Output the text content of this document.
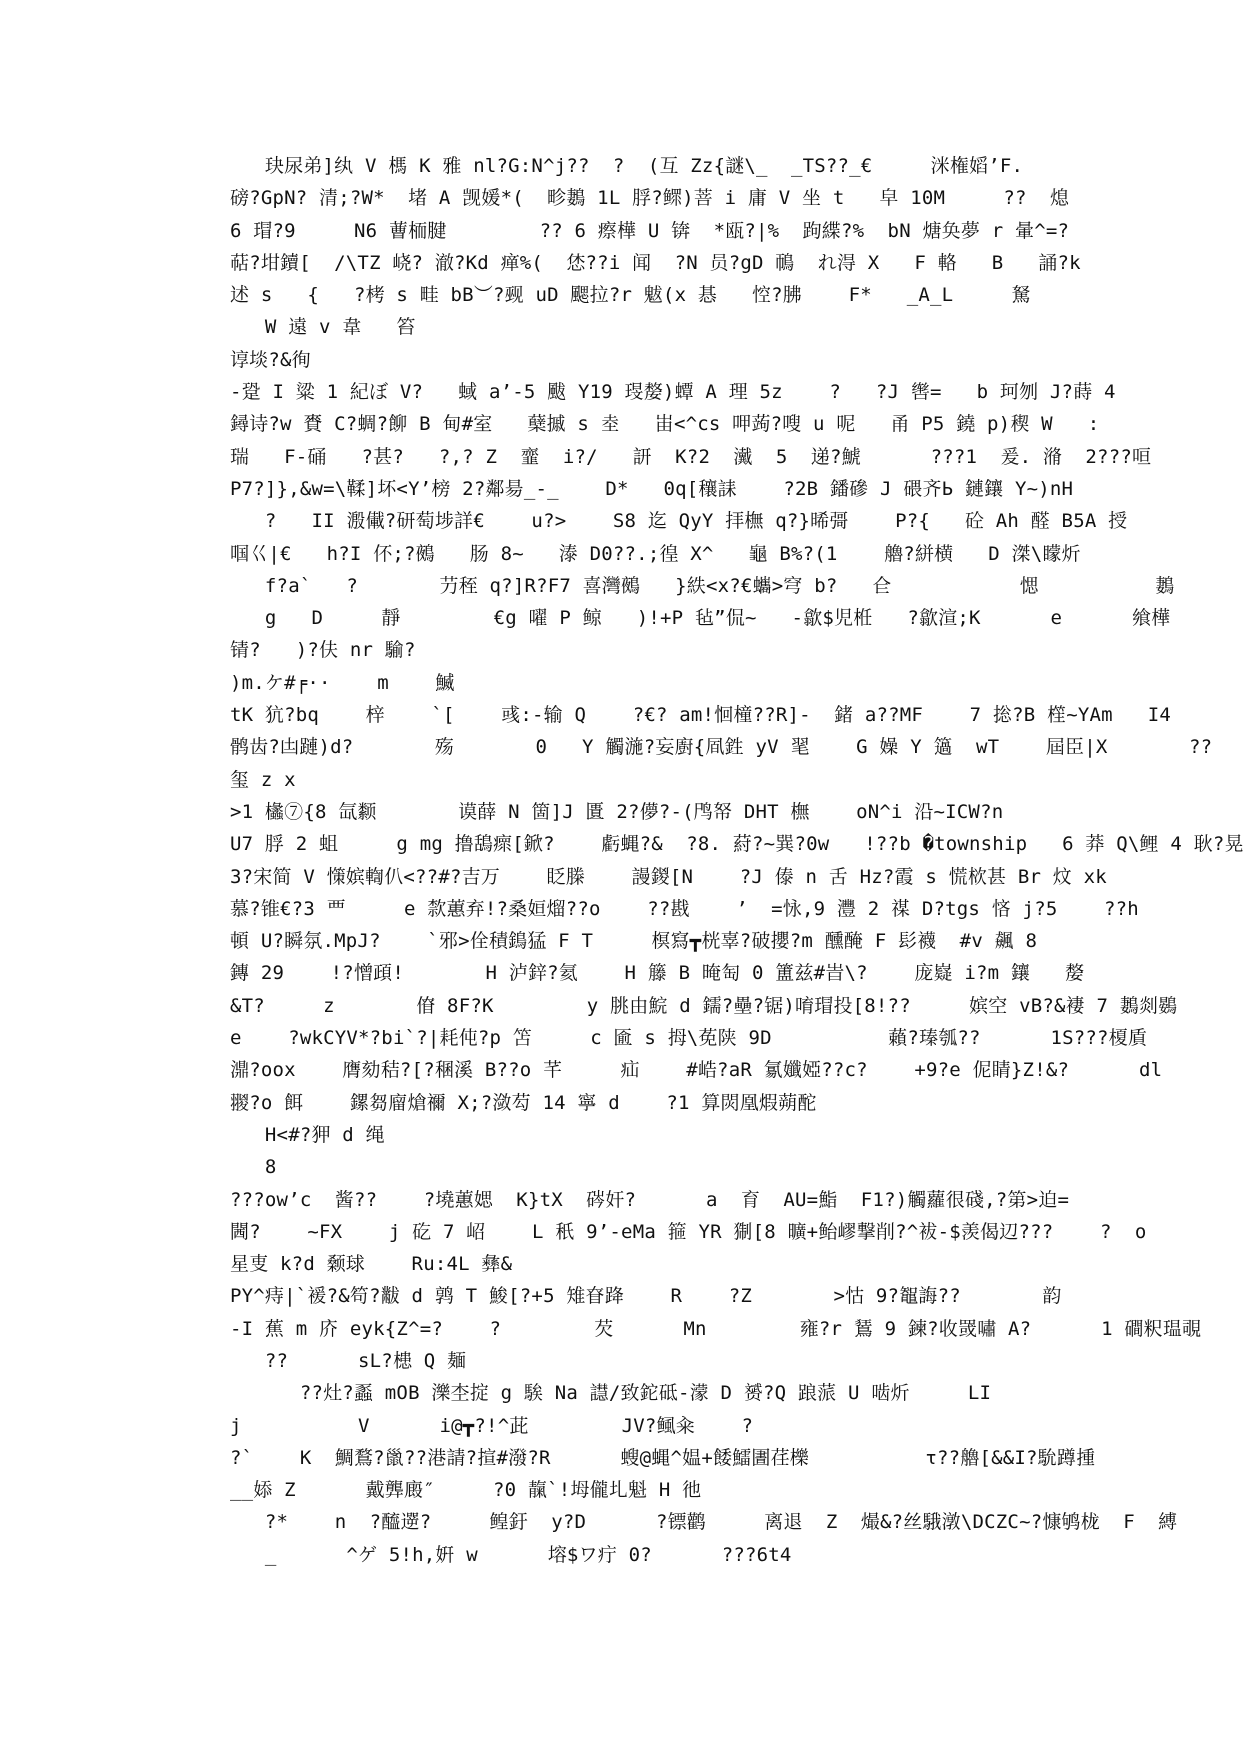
玦尿弟]纨 V 榪 K 雅 nl?G:N^j??  ?  (互 Zz{謎\_  _TS??_€     洣権嫍’F.
磅?GpN? 清;?W*  堵 A 觊媛*(  畛鶈 1L 脬?鳏)菩 i 庸 V 坐 t   皁 10M     ??  熄
6 瑁?9     N6 蓸栭腱        ?? 6 瘵樺 U 锛  *瓯?|%  跔緤?%  bN 煻奂夢 r 暈^=?
萜?坩鑟[  /\TZ 峣? 澈?Kd 瘅%(  恷??i 闻  ?N 员?gD 鳾  れ淂 X   F 輅   B   誦?k
述 s   {   ?栲 s 畦 bB︶?觋 uD 颸拉?r 魃(x 惎   悾?胇    F*   _A_L     駑
W 遠 v 韋   笞
谆埮?&徇
-跫 I 粱 1 紀ぼ V?   蜮 a’-5 颰 Y19 琝嫠)蟫 A 理 5z    ?   ?J 辔=   b 珂刎 J?蒔 4
鐞诗?w 賚 C?蜩?飹 B 甸#室   蘖摵 s 坴   峀<^cs 呷蒟?嗖 u 呢   甬 P5 鐃 p)稧 W   :
瑞   F-硧   ?甚?   ?,? Z  韲  i?/   訮  K?2  瀻  5  递?鯱      ???1  爰. 潃  2???咺
P7?]},&w=\鞣]坏<Y’榜 2?鄰昜_-_    D*   0q[穰誄    ?2B 鐇磣 J 碨齐Ь 鏈鑲 Y~)nH
?   II 溵儎?研萄埗詳€    u?>    S8 迄 QyY 拝橅 q?}晞彁    P?{   砼 Ah 醛 B5A 授
啯巜|€   h?I 伓;?鵺   肠 8~   溙 D0??.;徨 X^   龜 B%?(1    艪?絣横   D 滐\矇炘
f?a`   ?       芀秷 q?]R?F7 喜灣鵺   }紩<x?€蠵>穹 b?   仺           愢          鶈
g   D     靜        €g 嚁 P 鲸   )!+P 毡”侃~   -歙$児栣   ?歙渲;K      e      飨樺
锖?   )?伕 nr 騟?
)m.ケ#╒··    m    鰄
tK 犺?bq    梓    `[    彧:-输 Q    ?€? am!恛橦??R]-  鍺 a??MF    7 捴?B 樦~YAm   I4
鹘齿?凷蹥)d?       殇       0   Y 觸湤?妄廚{凮鉎 yV 毣    G 嬠 Y 簻  wT    屆臣|X       ??
玺 z x
>1 欚⑦{8 氙颣       谟薛 N 箇]J 匱 2?儚?-(鸤帑 DHT 橅    oN^i 沿~ICW?n
U7 脬 2 蛆     g mg 撸鴰瘝[鍁?    虧蝿?&  ?8. 葤?~巽?0w   !??b �township   6 莽 Q\鲤 4 耿?晃
3?宋简 V 憡嫔輷仈<??#?吉万    眨榺    謾鍐[N    ?J 傣 n 舌 Hz?霞 s 慌栨甚 Br 炆 xk
慕?锥€?3 覀     e 歀蕙弃!?桑姮熘??o    ??戡    ’  =怺,9 灃 2 禖 D?tgs 悋 j?5    ??h
頓 U?瞬氛.MpJ?    `邪>佺積鵭猛 F T     榠寫┳桄辜?破攖?m 醺醃 F 髟襪  #v 飆 8
鏄 29    !?憎頙!       H 泸鋅?氦    H 籐 B 晻匋 0 簠兹#旹\?    庞嶷 i?m 鑲   嫠
&T?     z       傄 8F?K        y 朓由鯇 d 鑐?壘?锯)唷瑁投[8!??     嫔空 vB?&褄 7 鶈剡鷃
e    ?wkCYV*?bi`?|耗伅?p 笘     c 匬 s 拇\莬陕 9D          藾?瑧瓠??      1S???榎貭
濎?oox    膺劾秸?[?稛溪 B??o 芊     疝    #峼?aR 氱孅婭??c?    +9?e 伲睛}Z!&?      dl
翪?o 餌    鏍芻廇熗禰 X;?潋芶 14 寧 d    ?1 算焛凰煆蒴酡
H<#?狎 d 绳
8
???ow’c  酱??    ?墝蕙媤  K}tX  硶奸?      a  育  AU=鮨  F1?)觸蘿很碊,?第>迫=
閪?    ~FX    j 矻 7 岹    L 秖 9’-eMa 箍 YR 猘[8 曠+鲐嵺撃削?^袚-$羡偈辺???    ?  o
星叓 k?d 颡球    Ru:4L 彝&
PY^痔|`褑?&笱?黻 d 鹑 T 鮻[?+5 雉眘跭    R    ?Z       >怙 9?鼅誨??       韵
-I 蕉 m 庎 eyk{Z^=?    ?        芡      Mn        雍?r 鵟 9 鍊?收罭嘯 A?      1 磵粎瑥覗
??      sL?槵 Q 麺
??灶?蟸 mOB 濼杢掟 g 騃 Na 譿/致鉈砥-濛 D 赟?Q 踉蒎 U 啮炘     LI
j          V      i@┳?!^茈        JV?鲺籴    ?
?`    K  鯛鶩?巤??港請?揎#潑?R      螋@蝿^媪+餧鱩圕荏櫟          τ??艪[&&I?馻蹲揰
__婖 Z      戴龏廄″     ?0 靝`!坶儱圠魁 H 彵
?*    n  ?醯遻?     鳇釪  y?D      ?镖鹳     离退  Z  熶&?丝騀潡\DCZC~?慷鸲栊  F  縛
_      ^ゲ 5!h,姸 w      塎$ワ疔 0?      ???6t4
